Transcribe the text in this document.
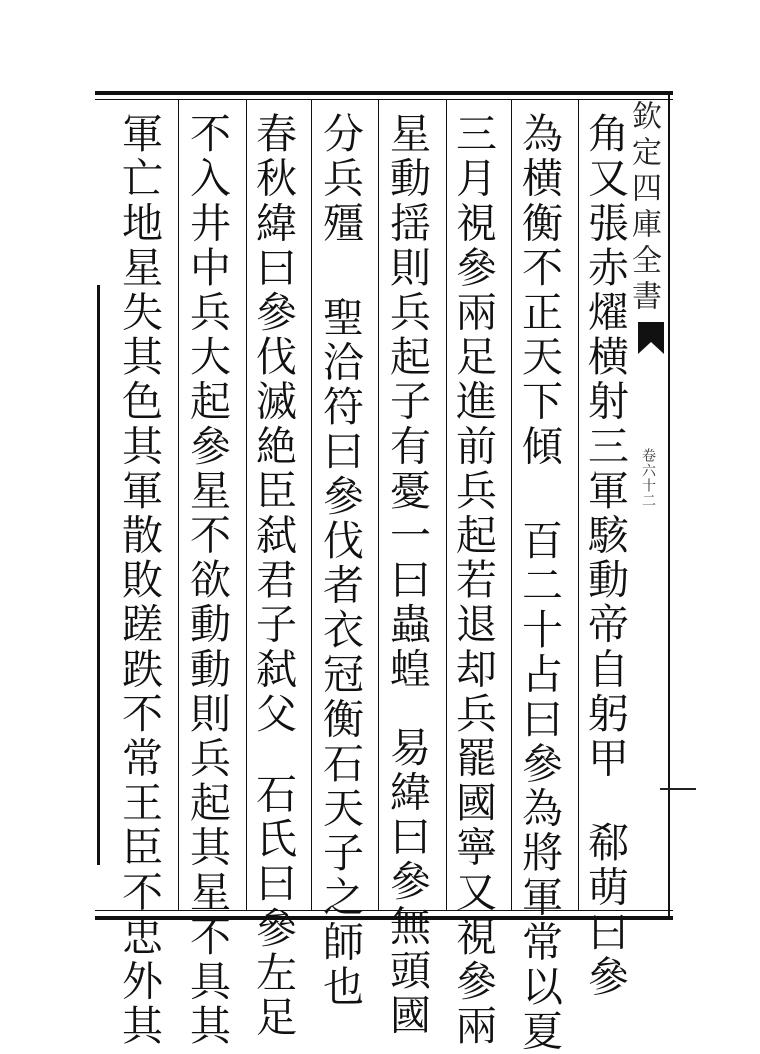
欽定四庫全書
卷六十二
角又張赤燿横射三軍駭動帝自躬甲郗萌曰參
為横衡不正天下傾百二十占曰參為將軍常以夏
三月視參兩足進前兵起若退却兵罷國寧又視參兩
星動揺則兵起子有憂一曰蟲蝗易緯曰參無頭國
分兵殭聖洽符曰參伐者衣冠衡石天子之師也
春秋緯曰參伐滅絶臣弑君子弑父石氏曰參左足
不入井中兵大起參星不欲動動則兵起其星不具其
軍亡地星失其色其軍散敗蹉跌不常王臣不忠外其
